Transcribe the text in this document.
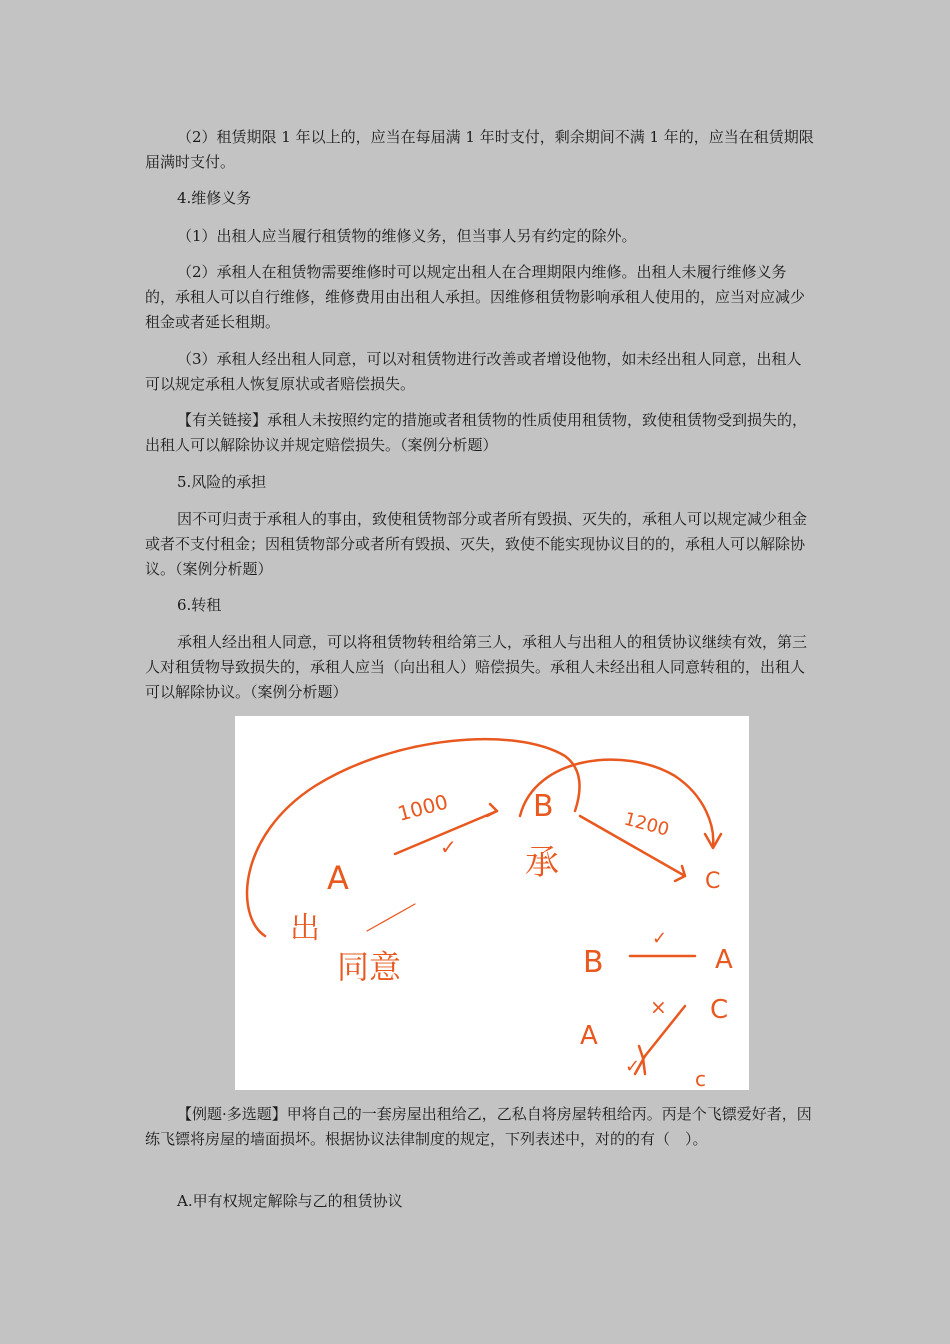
（2）租赁期限 1 年以上的，应当在每届满 1 年时支付，剩余期间不满 1 年的，应当在租赁期限届满时支付。

4.维修义务

（1）出租人应当履行租赁物的维修义务，但当事人另有约定的除外。

（2）承租人在租赁物需要维修时可以规定出租人在合理期限内维修。出租人未履行维修义务的，承租人可以自行维修，维修费用由出租人承担。因维修租赁物影响承租人使用的，应当对应减少租金或者延长租期。

（3）承租人经出租人同意，可以对租赁物进行改善或者增设他物，如未经出租人同意，出租人可以规定承租人恢复原状或者赔偿损失。

【有关链接】承租人未按照约定的措施或者租赁物的性质使用租赁物，致使租赁物受到损失的，出租人可以解除协议并规定赔偿损失。（案例分析题）

5.风险的承担

因不可归责于承租人的事由，致使租赁物部分或者所有毁损、灭失的，承租人可以规定减少租金或者不支付租金；因租赁物部分或者所有毁损、灭失，致使不能实现协议目的的，承租人可以解除协议。（案例分析题）

6.转租

承租人经出租人同意，可以将租赁物转租给第三人，承租人与出租人的租赁协议继续有效，第三人对租赁物导致损失的，承租人应当（向出租人）赔偿损失。承租人未经出租人同意转租的，出租人可以解除协议。（案例分析题）

A
B
C
1000	1200
出
承
同意	B	A
C
A
×
✓
✓
✓
c

【例题·多选题】甲将自己的一套房屋出租给乙，乙私自将房屋转租给丙。丙是个飞镖爱好者，因练飞镖将房屋的墙面损坏。根据协议法律制度的规定，下列表述中，对的的有（　）。

A.甲有权规定解除与乙的租赁协议
